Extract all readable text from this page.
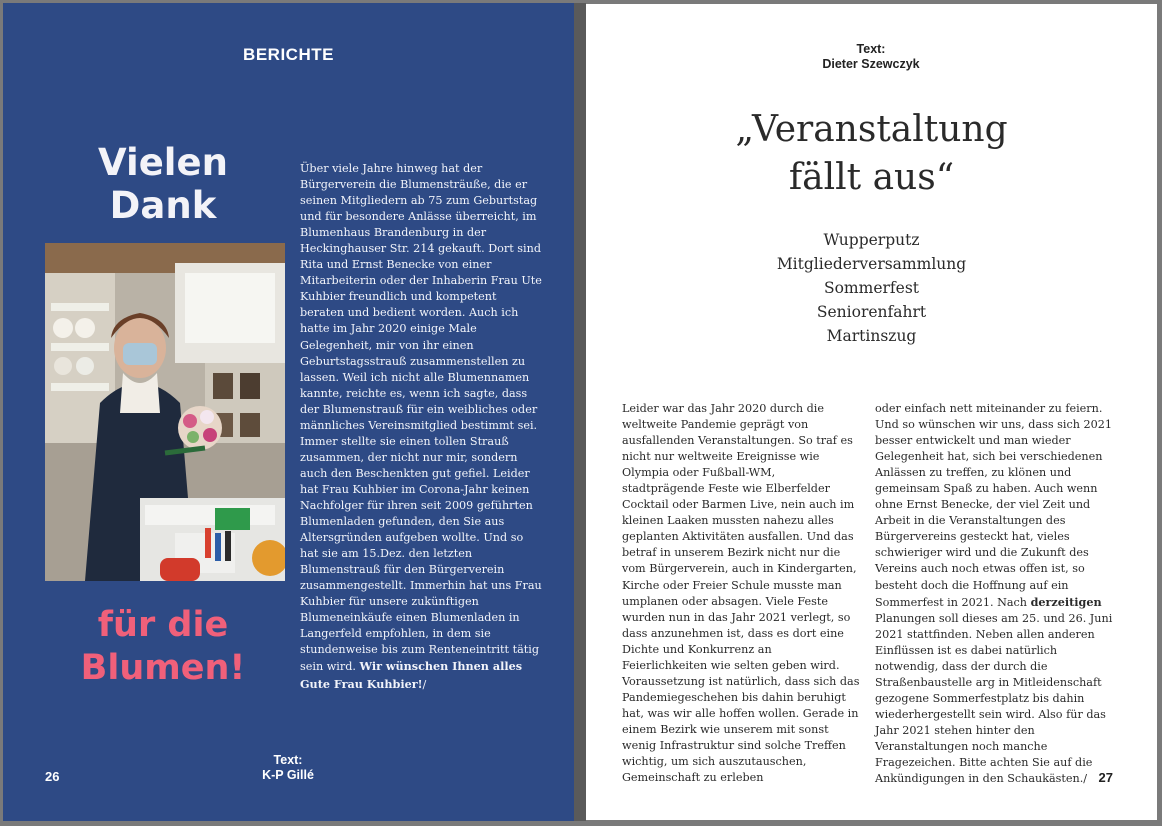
BERICHTE
Vielen
Dank
Über viele Jahre hinweg hat der Bürgerverein die Blumensträuße, die er seinen Mitgliedern ab 75 zum Geburtstag und für besondere Anlässe überreicht, im Blumenhaus Brandenburg in der Heckinghauser Str. 214 gekauft. Dort sind Rita und Ernst Benecke von einer Mitarbeiterin oder der Inhaberin Frau Ute Kuhbier freundlich und kompetent beraten und bedient worden. Auch ich hatte im Jahr 2020 einige Male Gelegenheit, mir von ihr einen Geburtstagsstrauß zusammenstellen zu lassen. Weil ich nicht alle Blumennamen kannte, reichte es, wenn ich sagte, dass der Blumenstrauß für ein weibliches oder männliches Vereinsmitglied bestimmt sei. Immer stellte sie einen tollen Strauß zusammen, der nicht nur mir, sondern auch den Beschenkten gut gefiel. Leider hat Frau Kuhbier im Corona-Jahr keinen Nachfolger für ihren seit 2009 geführten Blumenladen gefunden, den Sie aus Altersgründen aufgeben wollte. Und so hat sie am 15.Dez. den letzten Blumenstrauß für den Bürgerverein zusammengestellt. Immerhin hat uns Frau Kuhbier für unsere zukünftigen Blumeneinkäufe einen Blumenladen in Langerfeld empfohlen, in dem sie stundenweise bis zum Renteneintritt tätig sein wird. Wir wünschen Ihnen alles Gute Frau Kuhbier!/
für die
Blumen!
26
Text:
K-P Gillé
Text:
Dieter Szewczyk
„Veranstaltung
fällt aus“
Wupperputz
Mitgliederversammlung
Sommerfest
Seniorenfahrt
Martinszug
Leider war das Jahr 2020 durch die weltweite Pandemie geprägt von ausfallenden Veranstaltungen. So traf es nicht nur weltweite Ereignisse wie Olympia oder Fußball-WM, stadtprägende Feste wie Elberfelder Cocktail oder Barmen Live, nein auch im kleinen Laaken mussten nahezu alles geplanten Aktivitäten ausfallen. Und das betraf in unserem Bezirk nicht nur die vom Bürgerverein, auch in Kindergarten, Kirche oder Freier Schule musste man umplanen oder absagen. Viele Feste wurden nun in das Jahr 2021 verlegt, so dass anzunehmen ist, dass es dort eine Dichte und Konkurrenz an Feierlichkeiten wie selten geben wird. Voraussetzung ist natürlich, dass sich das Pandemiegeschehen bis dahin beruhigt hat, was wir alle hoffen wollen. Gerade in einem Bezirk wie unserem mit sonst wenig Infrastruktur sind solche Treffen wichtig, um sich auszutauschen, Gemeinschaft zu erleben
oder einfach nett miteinander zu feiern. Und so wünschen wir uns, dass sich 2021 besser entwickelt und man wieder Gelegenheit hat, sich bei verschiedenen Anlässen zu treffen, zu klönen und gemeinsam Spaß zu haben. Auch wenn ohne Ernst Benecke, der viel Zeit und Arbeit in die Veranstaltungen des Bürgervereins gesteckt hat, vieles schwieriger wird und die Zukunft des Vereins auch noch etwas offen ist, so besteht doch die Hoffnung auf ein Sommerfest in 2021. Nach derzeitigen Planungen soll dieses am 25. und 26. Juni 2021 stattfinden. Neben allen anderen Einflüssen ist es dabei natürlich notwendig, dass der durch die Straßenbaustelle arg in Mitleidenschaft gezogene Sommerfestplatz bis dahin wiederhergestellt sein wird. Also für das Jahr 2021 stehen hinter den Veranstaltungen noch manche Fragezeichen. Bitte achten Sie auf die Ankündigungen in den Schaukästen./ 27
